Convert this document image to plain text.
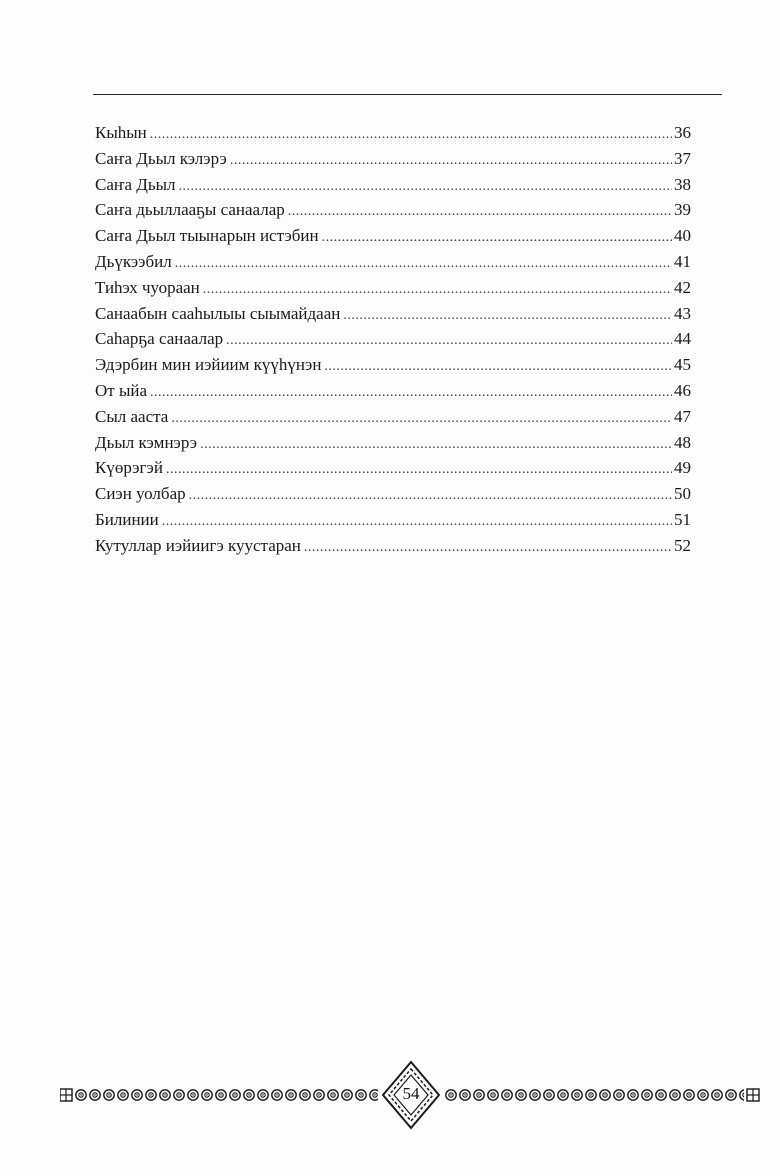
Кыһын .....	36
Саҥа Дьыл кэлэрэ .....	37
Саҥа Дьыл .....	38
Саҥа дьыллааҕы санаалар .....	39
Саҥа Дьыл тыынарын истэбин .....	40
Дьүкээбил .....	41
Тиһэх чуораан .....	42
Санаабын сааһылыы сыымайдаан .....	43
Саһарҕа санаалар .....	44
Эдэрбин мин иэйиим күүһүнэн .....	45
От ыйа .....	46
Сыл ааста .....	47
Дьыл кэмнэрэ .....	48
Күөрэгэй .....	49
Сиэн уолбар .....	50
Билинии .....	51
Кутуллар иэйиигэ куустаран .....	52
54
